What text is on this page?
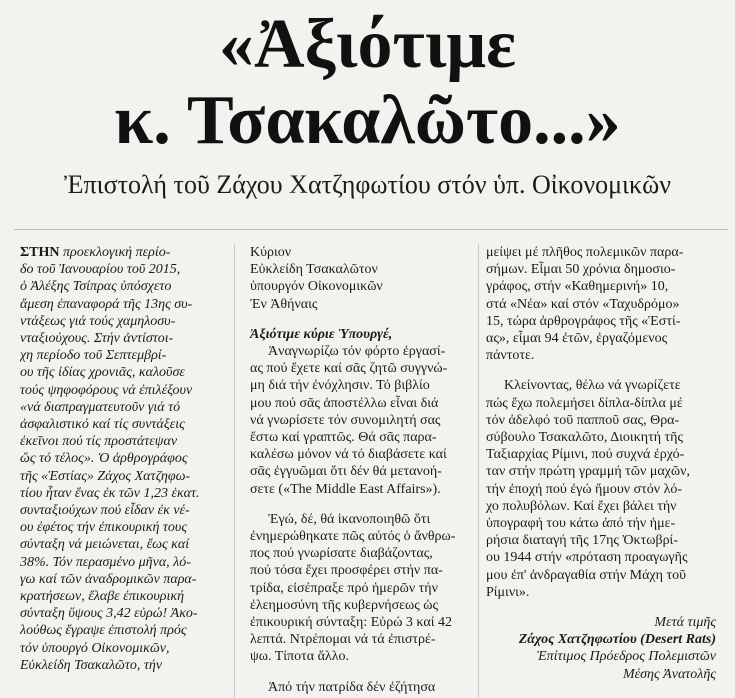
«Ἀξιότιμε
κ. Τσακαλῶτο...»
Ἐπιστολή τοῦ Ζάχου Χατζηφωτίου στόν ὑπ. Οἰκονομικῶν
ΣΤΗΝ προεκλογική περίο-
δο τοῦ Ἰανουαρίου τοῦ 2015,
ὁ Ἀλέξης Τσίπρας ὑπόσχετο
ἄμεση ἐπαναφορά τῆς 13ης συ-
ντάξεως γιά τούς χαμηλοσυ-
νταξιούχους. Στήν ἀντίστοι-
χη περίοδο τοῦ Σεπτεμβρί-
ου τῆς ἰδίας χρονιᾶς, καλοῦσε
τούς ψηφοφόρους νά ἐπιλέξουν
«νά διαπραγματευτοῦν γιά τό
ἀσφαλιστικό καί τίς συντάξεις
ἐκεῖνοι πού τίς προστάτεψαν
ὥς τό τέλος». Ὁ ἀρθρογράφος
τῆς «Ἑστίας» Ζάχος Χατζηφω-
τίου ἦταν ἕνας ἐκ τῶν 1,23 ἑκατ.
συνταξιούχων πού εἶδαν ἐκ νέ-
ου ἐφέτος τήν ἐπικουρική τους
σύνταξη νά μειώνεται, ἕως καί
38%. Τόν περασμένο μῆνα, λό-
γω καί τῶν ἀναδρομικῶν παρα-
κρατήσεων, ἔλαβε ἐπικουρική
σύνταξη ὕψους 3,42 εὐρώ! Ἀκο-
λούθως ἔγραψε ἐπιστολή πρός
τόν ὑπουργό Οἰκονομικῶν,
Εὐκλείδη Τσακαλῶτο, τήν
Κύριον
Εὐκλείδη Τσακαλῶτον
ὑπουργόν Οἰκονομικῶν
Ἐν Ἀθήναις
Ἀξιότιμε κύριε Ὑπουργέ,
Ἀναγνωρίζω τόν φόρτο ἐργασί-
ας πού ἔχετε καί σᾶς ζητῶ συγγνώ-
μη διά τήν ἐνόχλησιν. Τό βιβλίο
μου πού σᾶς ἀποστέλλω εἶναι διά
νά γνωρίσετε τόν συνομιλητή σας
ἔστω καί γραπτῶς. Θά σᾶς παρα-
καλέσω μόνον νά τό διαβάσετε καί
σᾶς ἐγγυῶμαι ὅτι δέν θά μετανοή-
σετε («The Middle East Affairs»).
Ἐγώ, δέ, θά ἱκανοποιηθῶ ὅτι
ἐνημερώθηκατε πῶς αὐτός ὁ ἄνθρω-
πος πού γνωρίσατε διαβάζοντας,
πού τόσα ἔχει προσφέρει στήν πα-
τρίδα, εἰσέπραξε πρό ἡμερῶν τήν
ἐλεημοσύνη τῆς κυβερνήσεως ὡς
ἐπικουρική σύνταξη: Εὐρώ 3 καί 42
λεπτά. Ντρέπομαι νά τά ἐπιστρέ-
ψω. Τίποτα ἄλλο.
Ἀπό τήν πατρίδα δέν ἐζήτησα
μείψει μέ πλῆθος πολεμικῶν παρα-
σήμων. Εἶμαι 50 χρόνια δημοσιο-
γράφος, στήν «Καθημερινή» 10,
στά «Νέα» καί στόν «Ταχυδρόμο»
15, τώρα ἀρθρογράφος τῆς «Ἑστί-
ας», εἶμαι 94 ἐτῶν, ἐργαζόμενος
πάντοτε.
Κλείνοντας, θέλω νά γνωρίζετε
πώς ἔχω πολεμήσει δίπλα-δίπλα μέ
τόν ἀδελφό τοῦ παπποῦ σας, Θρα-
σύβουλο Τσακαλῶτο, Διοικητή τῆς
Ταξιαρχίας Ρίμινι, πού συχνά ἐρχό-
ταν στήν πρώτη γραμμή τῶν μαχῶν,
τήν ἐποχή πού ἐγώ ἤμουν στόν λό-
χο πολυβόλων. Καί ἔχει βάλει τήν
ὑπογραφή του κάτω ἀπό τήν ἡμε-
ρήσια διαταγή τῆς 17ης Ὀκτωβρί-
ου 1944 στήν «πρόταση προαγωγῆς
μου ἐπ' ἀνδραγαθία στήν Μάχη τοῦ
Ρίμινι».
Μετά τιμῆς
Ζάχος Χατζηφωτίου (Desert Rats)
Ἐπίτιμος Πρόεδρος Πολεμιστῶν
Μέσης Ἀνατολῆς
